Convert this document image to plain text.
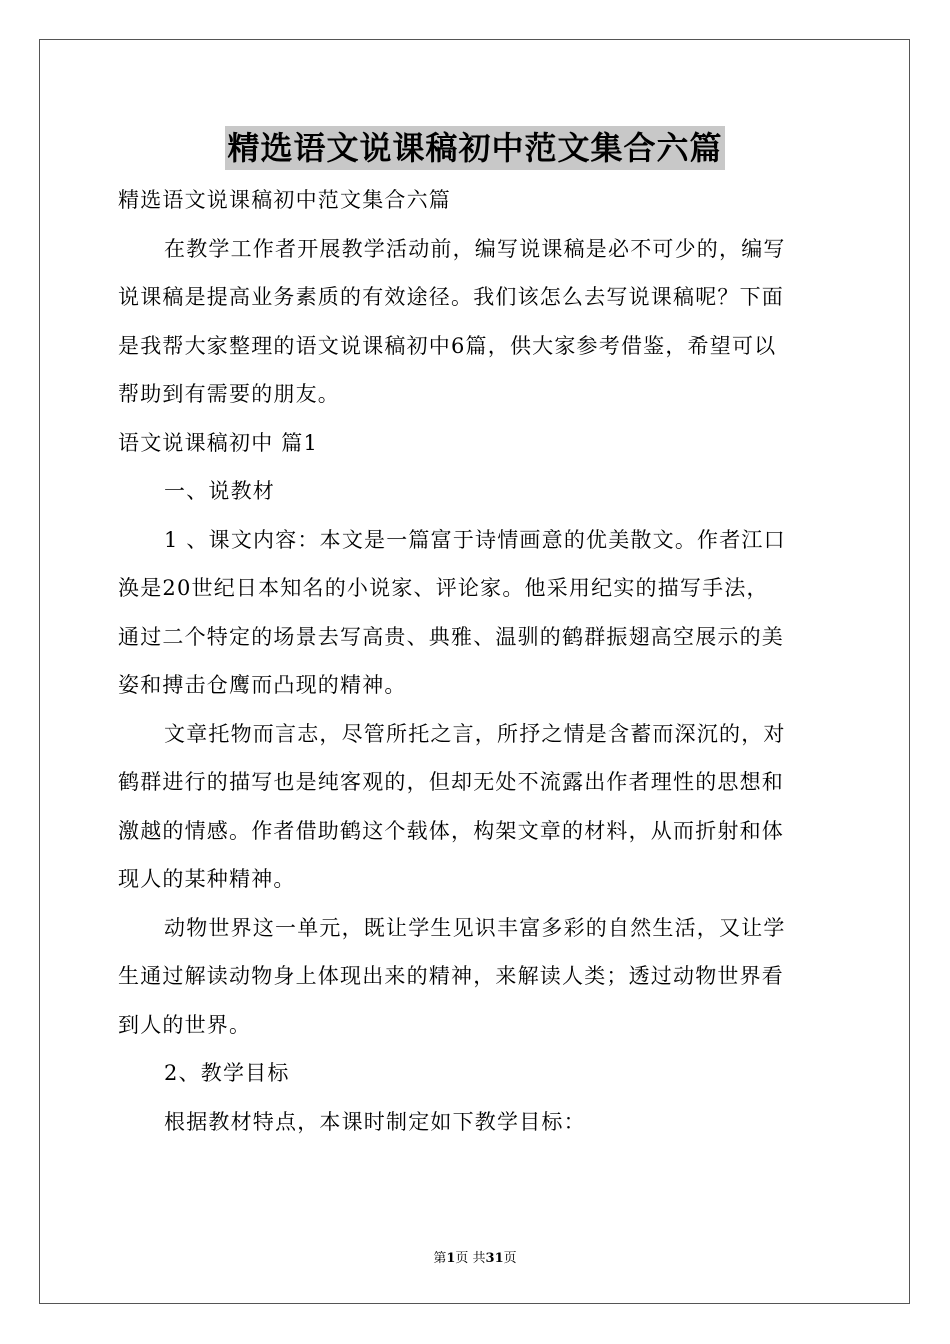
精选语文说课稿初中范文集合六篇
精选语文说课稿初中范文集合六篇
在教学工作者开展教学活动前，编写说课稿是必不可少的，编写
说课稿是提高业务素质的有效途径。我们该怎么去写说课稿呢？下面
是我帮大家整理的语文说课稿初中6篇，供大家参考借鉴，希望可以
帮助到有需要的朋友。
语文说课稿初中 篇1
一、说教材
1 、课文内容：本文是一篇富于诗情画意的优美散文。作者江口
涣是20世纪日本知名的小说家、评论家。他采用纪实的描写手法，
通过二个特定的场景去写高贵、典雅、温驯的鹤群振翅高空展示的美
姿和搏击仓鹰而凸现的精神。
文章托物而言志，尽管所托之言，所抒之情是含蓄而深沉的，对
鹤群进行的描写也是纯客观的，但却无处不流露出作者理性的思想和
激越的情感。作者借助鹤这个载体，构架文章的材料，从而折射和体
现人的某种精神。
动物世界这一单元，既让学生见识丰富多彩的自然生活，又让学
生通过解读动物身上体现出来的精神，来解读人类；透过动物世界看
到人的世界。
2、教学目标
根据教材特点，本课时制定如下教学目标：
第1页 共31页
